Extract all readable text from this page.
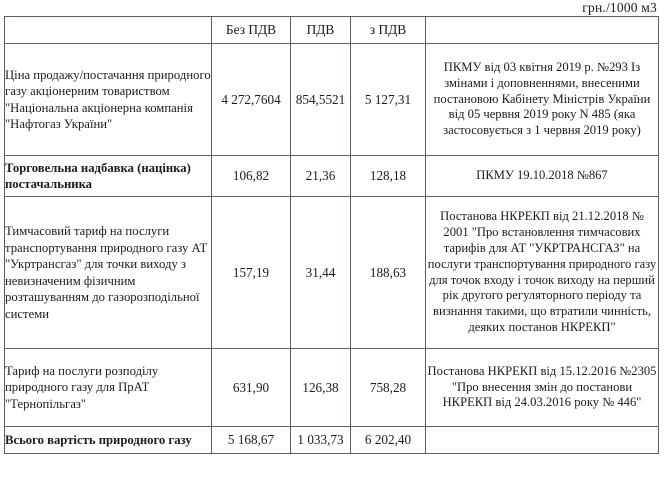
грн./1000 м3
	Без ПДВ	ПДВ	з ПДВ	
Ціна продажу/постачання природного газу акціонерним товариством "Національна акціонерна компанія "Нафтогаз України"	4 272,7604	854,5521	5 127,31	ПКМУ від 03 квітня 2019 р. №293 Із змінами і доповненнями, внесеними постановою Кабінету Міністрів України від 05 червня 2019 року N 485 (яка застосовується з 1 червня 2019 року)
Торговельна надбавка (націнка) постачальника	106,82	21,36	128,18	ПКМУ 19.10.2018 №867
Тимчасовий тариф на послуги транспортування природного газу АТ "Укртрансгаз" для точки виходу з невизначеним фізичним розташуванням до газорозподільної системи	157,19	31,44	188,63	Постанова НКРЕКП від 21.12.2018 № 2001 "Про встановлення тимчасових тарифів для АТ "УКРТРАНСГАЗ" на послуги транспортування природного газу для точок входу і точок виходу на перший рік другого регуляторного періоду та визнання такими, що втратили чинність, деяких постанов НКРЕКП"
Тариф на послуги розподілу природного газу для ПрАТ "Тернопільгаз"	631,90	126,38	758,28	Постанова НКРЕКП від 15.12.2016 №2305 "Про внесення змін до постанови НКРЕКП від 24.03.2016 року № 446"
Всього вартість природного газу	5 168,67	1 033,73	6 202,40	
